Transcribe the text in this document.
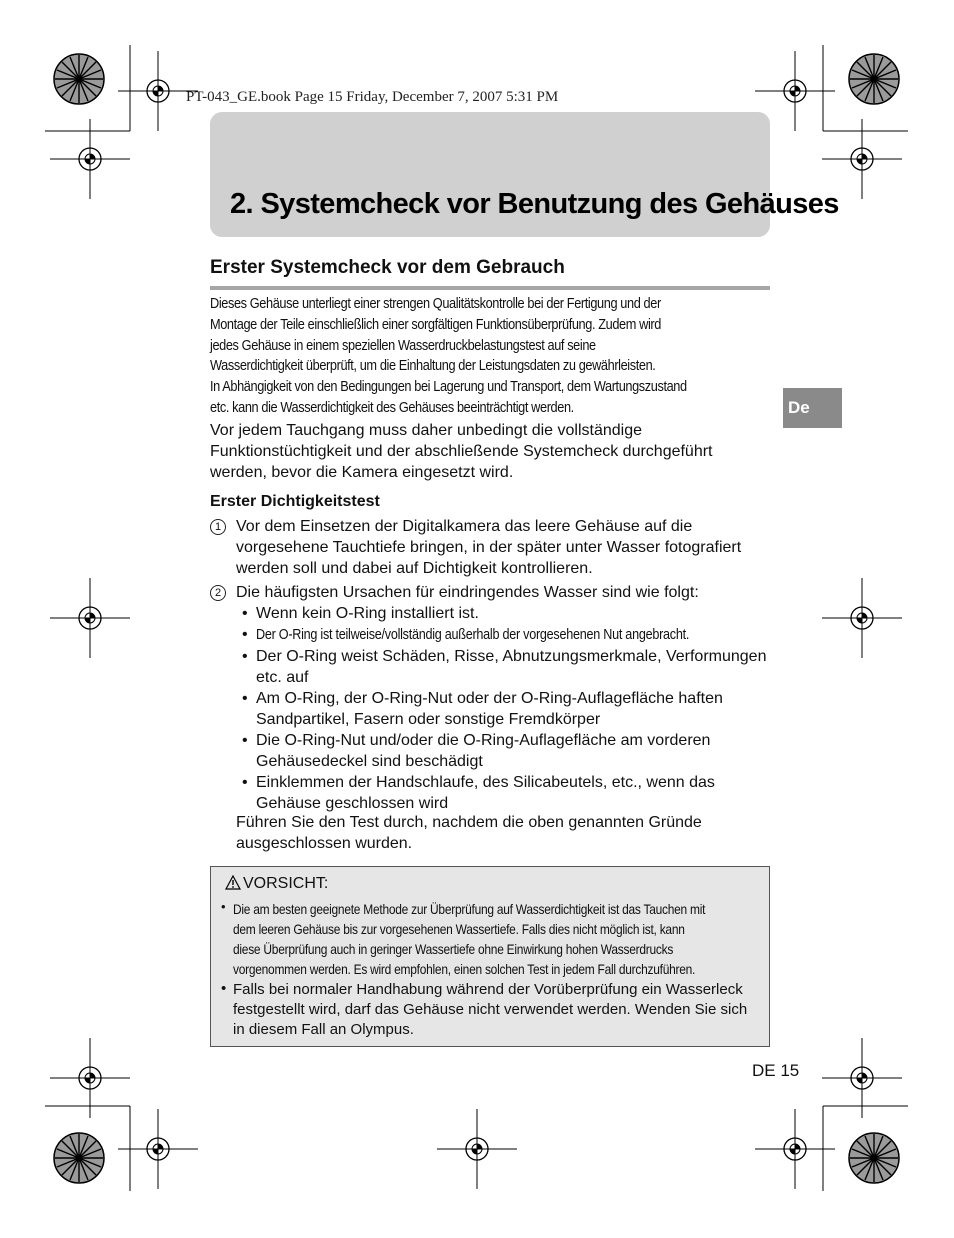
PT-043_GE.book Page 15 Friday, December 7, 2007 5:31 PM
2. Systemcheck vor Benutzung des Gehäuses
De
Erster Systemcheck vor dem Gebrauch
Dieses Gehäuse unterliegt einer strengen Qualitätskontrolle bei der Fertigung und der
Montage der Teile einschließlich einer sorgfältigen Funktionsüberprüfung. Zudem wird
jedes Gehäuse in einem speziellen Wasserdruckbelastungstest auf seine
Wasserdichtigkeit überprüft, um die Einhaltung der Leistungsdaten zu gewährleisten.
In Abhängigkeit von den Bedingungen bei Lagerung und Transport, dem Wartungszustand
etc. kann die Wasserdichtigkeit des Gehäuses beeinträchtigt werden.

Vor jedem Tauchgang muss daher unbedingt die vollständige Funktionstüchtigkeit und der abschließende Systemcheck durchgeführt werden, bevor die Kamera eingesetzt wird.

Erster Dichtigkeitstest
1 Vor dem Einsetzen der Digitalkamera das leere Gehäuse auf die vorgesehene Tauchtiefe bringen, in der später unter Wasser fotografiert werden soll und dabei auf Dichtigkeit kontrollieren.
2 Die häufigsten Ursachen für eindringendes Wasser sind wie folgt:
• Wenn kein O-Ring installiert ist.
• Der O-Ring ist teilweise/vollständig außerhalb der vorgesehenen Nut angebracht.
• Der O-Ring weist Schäden, Risse, Abnutzungsmerkmale, Verformungen etc. auf
• Am O-Ring, der O-Ring-Nut oder der O-Ring-Auflagefläche haften Sandpartikel, Fasern oder sonstige Fremdkörper
• Die O-Ring-Nut und/oder die O-Ring-Auflagefläche am vorderen Gehäusedeckel sind beschädigt
• Einklemmen der Handschlaufe, des Silicabeutels, etc., wenn das Gehäuse geschlossen wird
Führen Sie den Test durch, nachdem die oben genannten Gründe ausgeschlossen wurden.
VORSICHT:
• Die am besten geeignete Methode zur Überprüfung auf Wasserdichtigkeit ist das Tauchen mit
dem leeren Gehäuse bis zur vorgesehenen Wassertiefe. Falls dies nicht möglich ist, kann
diese Überprüfung auch in geringer Wassertiefe ohne Einwirkung hohen Wasserdrucks
vorgenommen werden. Es wird empfohlen, einen solchen Test in jedem Fall durchzuführen.
• Falls bei normaler Handhabung während der Vorüberprüfung ein Wasserleck festgestellt wird, darf das Gehäuse nicht verwendet werden. Wenden Sie sich in diesem Fall an Olympus.
DE 15
